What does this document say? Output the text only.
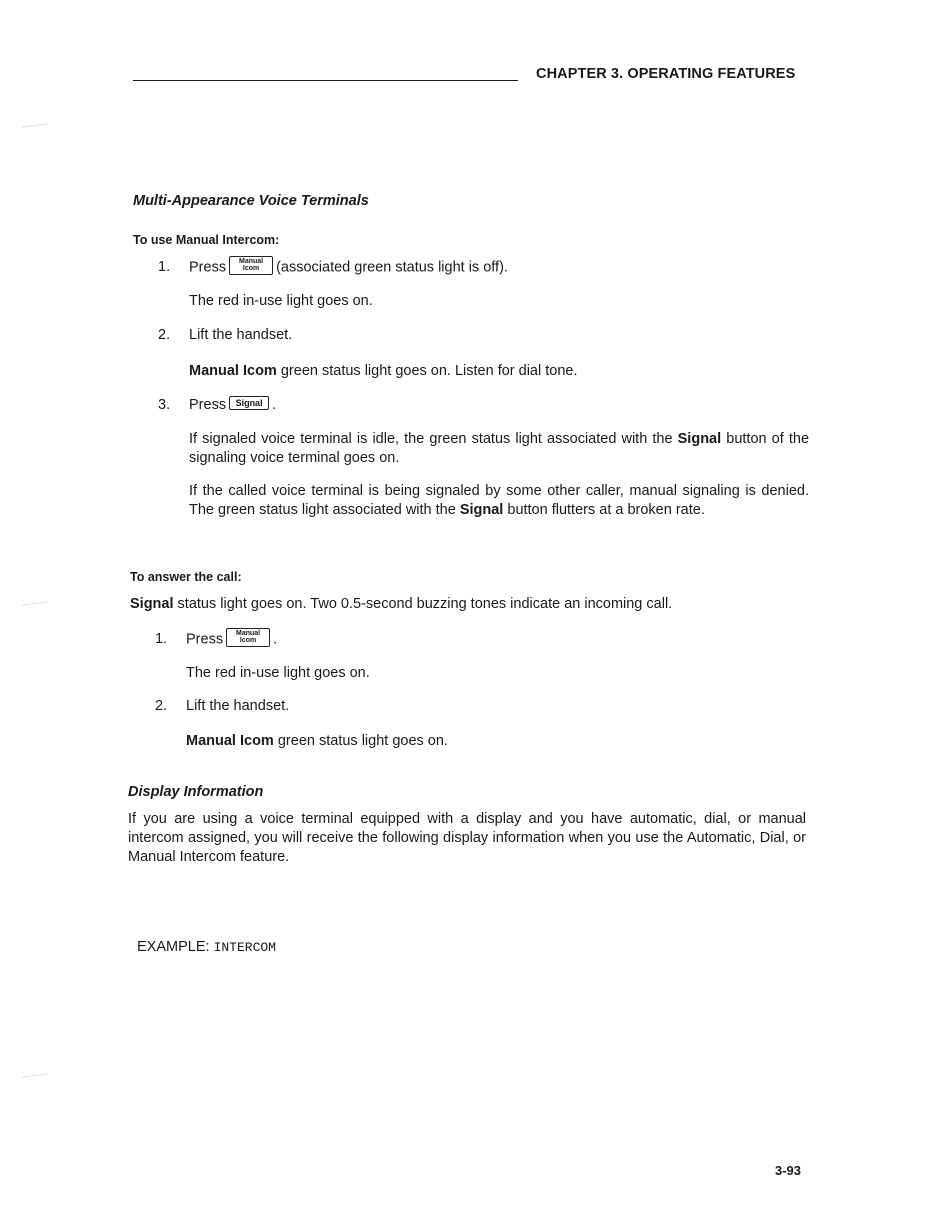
CHAPTER 3. OPERATING FEATURES
Multi-Appearance Voice Terminals
To use Manual Intercom:
1. Press	Manual
Icom	(associated green status light is off).
The red in-use light goes on.
2. Lift the handset.
Manual Icom green status light goes on. Listen for dial tone.
3. Press	Signal .
If signaled voice terminal is idle, the green status light associated with the Signal button of the signaling voice terminal goes on.
If the called voice terminal is being signaled by some other caller, manual signaling is denied. The green status light associated with the Signal button flutters at a broken rate.
To answer the call:
Signal status light goes on. Two 0.5-second buzzing tones indicate an incoming call.
1. Press	Manual
Icom	.
The red in-use light goes on.
2. Lift the handset.
Manual Icom green status light goes on.
Display Information
If you are using a voice terminal equipped with a display and you have automatic, dial, or manual intercom assigned, you will receive the following display information when you use the Automatic, Dial, or Manual Intercom feature.
EXAMPLE: INTERCOM
3-93
